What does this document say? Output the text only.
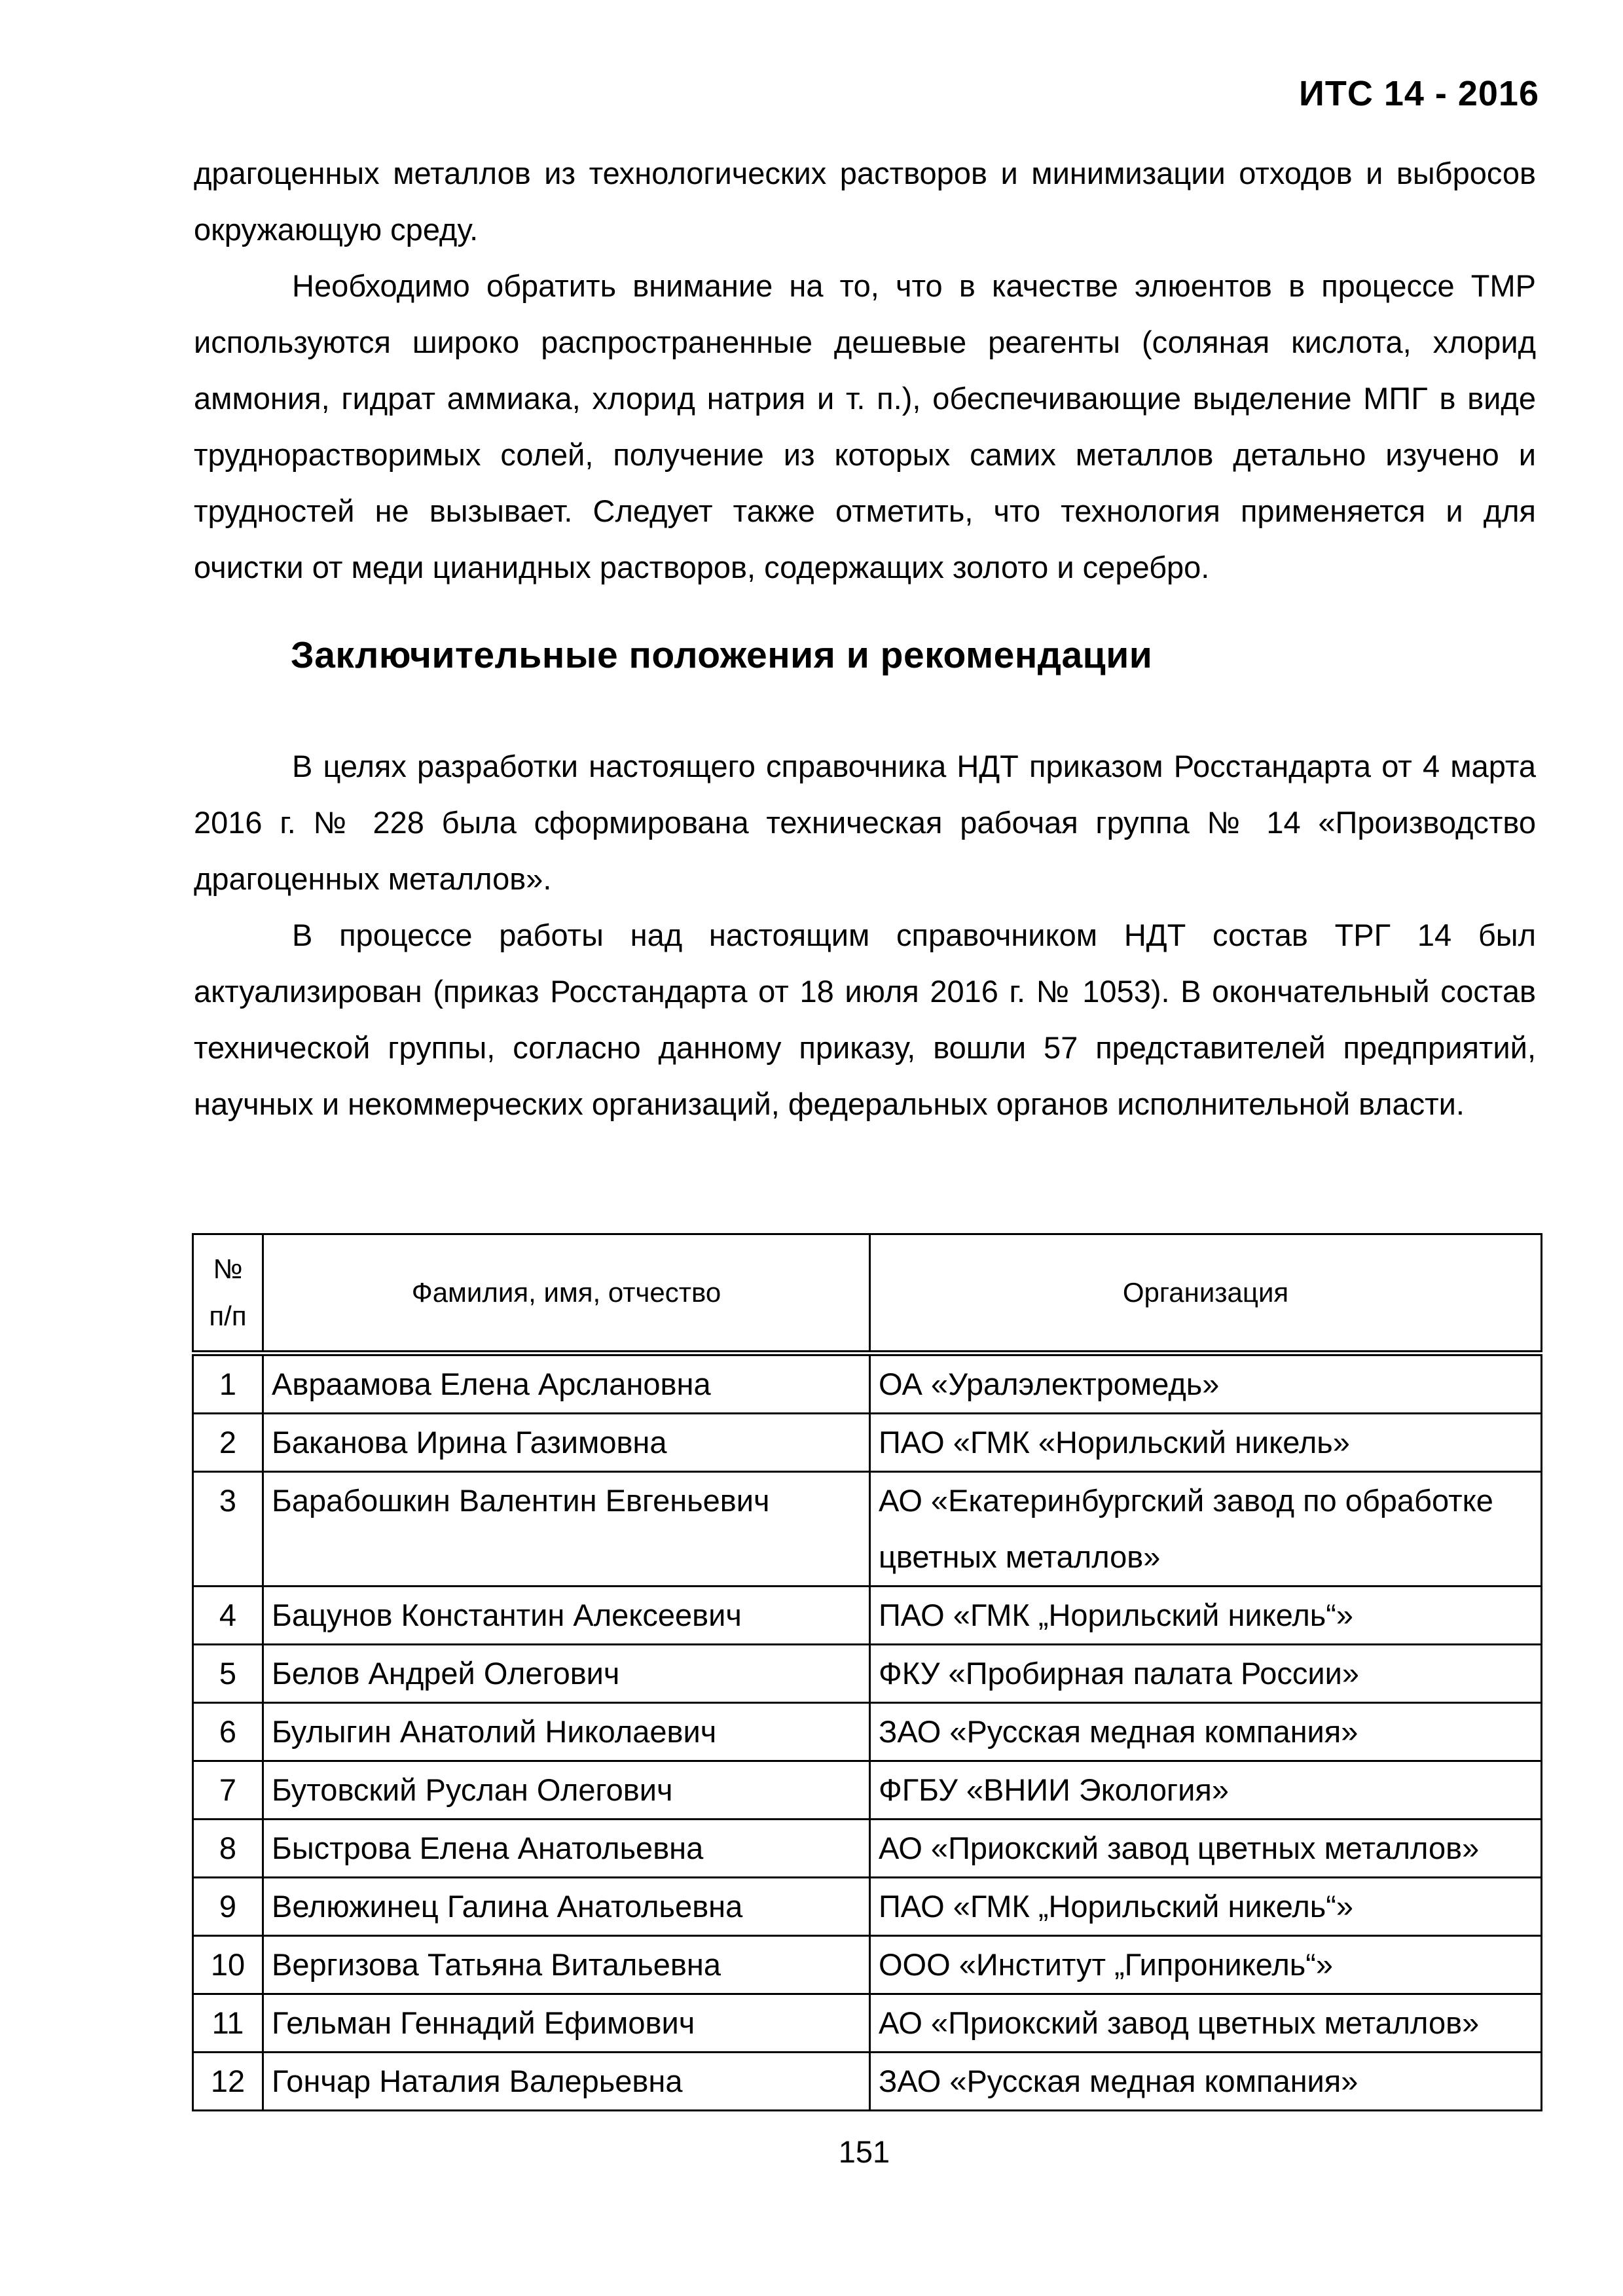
ИТС 14 - 2016

драгоценных металлов из технологических растворов и минимизации отходов и выбросов окружающую среду.

Необходимо обратить внимание на то, что в качестве элюентов в процессе ТМР используются широко распространенные дешевые реагенты (соляная кислота, хлорид аммония, гидрат аммиака, хлорид натрия и т. п.), обеспечивающие выделение МПГ в виде труднорастворимых солей, получение из которых самих металлов детально изучено и трудностей не вызывает. Следует также отметить, что технология применяется и для очистки от меди цианидных растворов, содержащих золото и серебро.

Заключительные положения и рекомендации

В целях разработки настоящего справочника НДТ приказом Росстандарта от 4 марта 2016 г. № 228 была сформирована техническая рабочая группа № 14 «Производство драгоценных металлов».

В процессе работы над настоящим справочником НДТ состав ТРГ 14 был актуализирован (приказ Росстандарта от 18 июля 2016 г. № 1053). В окончательный состав технической группы, согласно данному приказу, вошли 57 представителей предприятий, научных и некоммерческих организаций, федеральных органов исполнительной власти.

№ п/п	Фамилия, имя, отчество	Организация
1	Авраамова Елена Арслановна	ОА «Уралэлектромедь»
2	Баканова Ирина Газимовна	ПАО «ГМК «Норильский никель»
3	Барабошкин Валентин Евгеньевич	АО «Екатеринбургский завод по обработке цветных металлов»
4	Бацунов Константин Алексеевич	ПАО «ГМК „Норильский никель“»
5	Белов Андрей Олегович	ФКУ «Пробирная палата России»
6	Булыгин Анатолий Николаевич	ЗАО «Русская медная компания»
7	Бутовский Руслан Олегович	ФГБУ «ВНИИ Экология»
8	Быстрова Елена Анатольевна	АО «Приокский завод цветных металлов»
9	Велюжинец Галина Анатольевна	ПАО «ГМК „Норильский никель“»
10	Вергизова Татьяна Витальевна	ООО «Институт „Гипроникель“»
11	Гельман Геннадий Ефимович	АО «Приокский завод цветных металлов»
12	Гончар Наталия Валерьевна	ЗАО «Русская медная компания»
151
